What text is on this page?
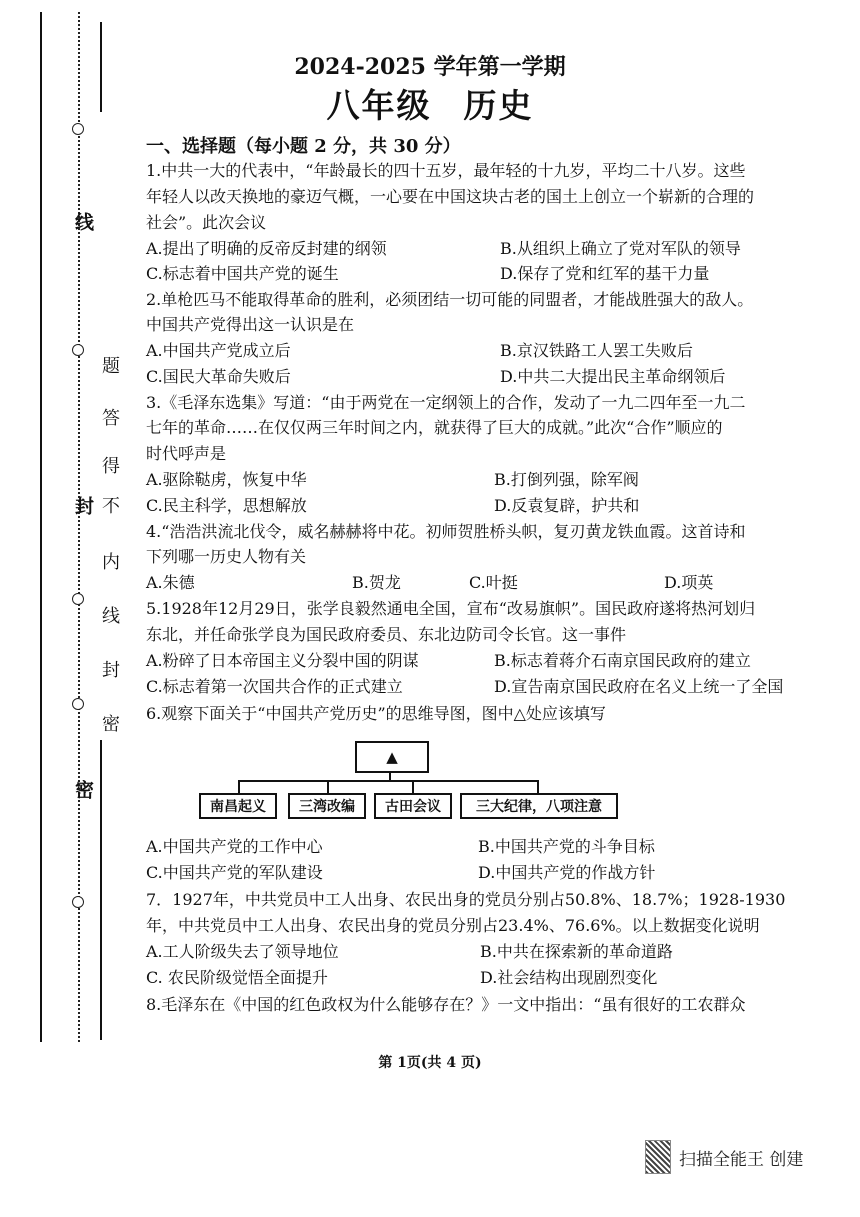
线
封
密
题
答
得
不
内
线
封
密
2024-2025 学年第一学期
八年级 历史
一、选择题（每小题 2 分，共 30 分）
1.中共一大的代表中，“年龄最长的四十五岁，最年轻的十九岁，平均二十八岁。这些
年轻人以改天换地的豪迈气概，一心要在中国这块古老的国土上创立一个崭新的合理的
社会”。此次会议
A.提出了明确的反帝反封建的纲领	B.从组织上确立了党对军队的领导
C.标志着中国共产党的诞生	D.保存了党和红军的基干力量
2.单枪匹马不能取得革命的胜利，必须团结一切可能的同盟者，才能战胜强大的敌人。
中国共产党得出这一认识是在
A.中国共产党成立后	B.京汉铁路工人罢工失败后
C.国民大革命失败后	D.中共二大提出民主革命纲领后
3.《毛泽东选集》写道：“由于两党在一定纲领上的合作，发动了一九二四年至一九二
七年的革命……在仅仅两三年时间之内，就获得了巨大的成就。”此次“合作”顺应的
时代呼声是
A.驱除鞑虏，恢复中华	B.打倒列强，除军阀
C.民主科学，思想解放	D.反袁复辟，护共和
4.“浩浩洪流北伐令，威名赫赫将中花。初师贺胜桥头帜，复刃黄龙铁血霞。这首诗和
下列哪一历史人物有关
A.朱德	B.贺龙	C.叶挺	D.项英
5.1928年12月29日，张学良毅然通电全国，宣布“改易旗帜”。国民政府遂将热河划归
东北，并任命张学良为国民政府委员、东北边防司令长官。这一事件
A.粉碎了日本帝国主义分裂中国的阴谋	B.标志着蒋介石南京国民政府的建立
C.标志着第一次国共合作的正式建立	D.宣告南京国民政府在名义上统一了全国
6.观察下面关于“中国共产党历史”的思维导图，图中△处应该填写
▲
南昌起义	三湾改编	古田会议	三大纪律，八项注意
A.中国共产党的工作中心	B.中国共产党的斗争目标
C.中国共产党的军队建设	D.中国共产党的作战方针
7．1927年，中共党员中工人出身、农民出身的党员分别占50.8%、18.7%；1928-1930
年，中共党员中工人出身、农民出身的党员分别占23.4%、76.6%。以上数据变化说明
A.工人阶级失去了领导地位	B.中共在探索新的革命道路
C. 农民阶级觉悟全面提升	D.社会结构出现剧烈变化
8.毛泽东在《中国的红色政权为什么能够存在？》一文中指出：“虽有很好的工农群众
第 1页(共 4 页)
扫描全能王 创建
